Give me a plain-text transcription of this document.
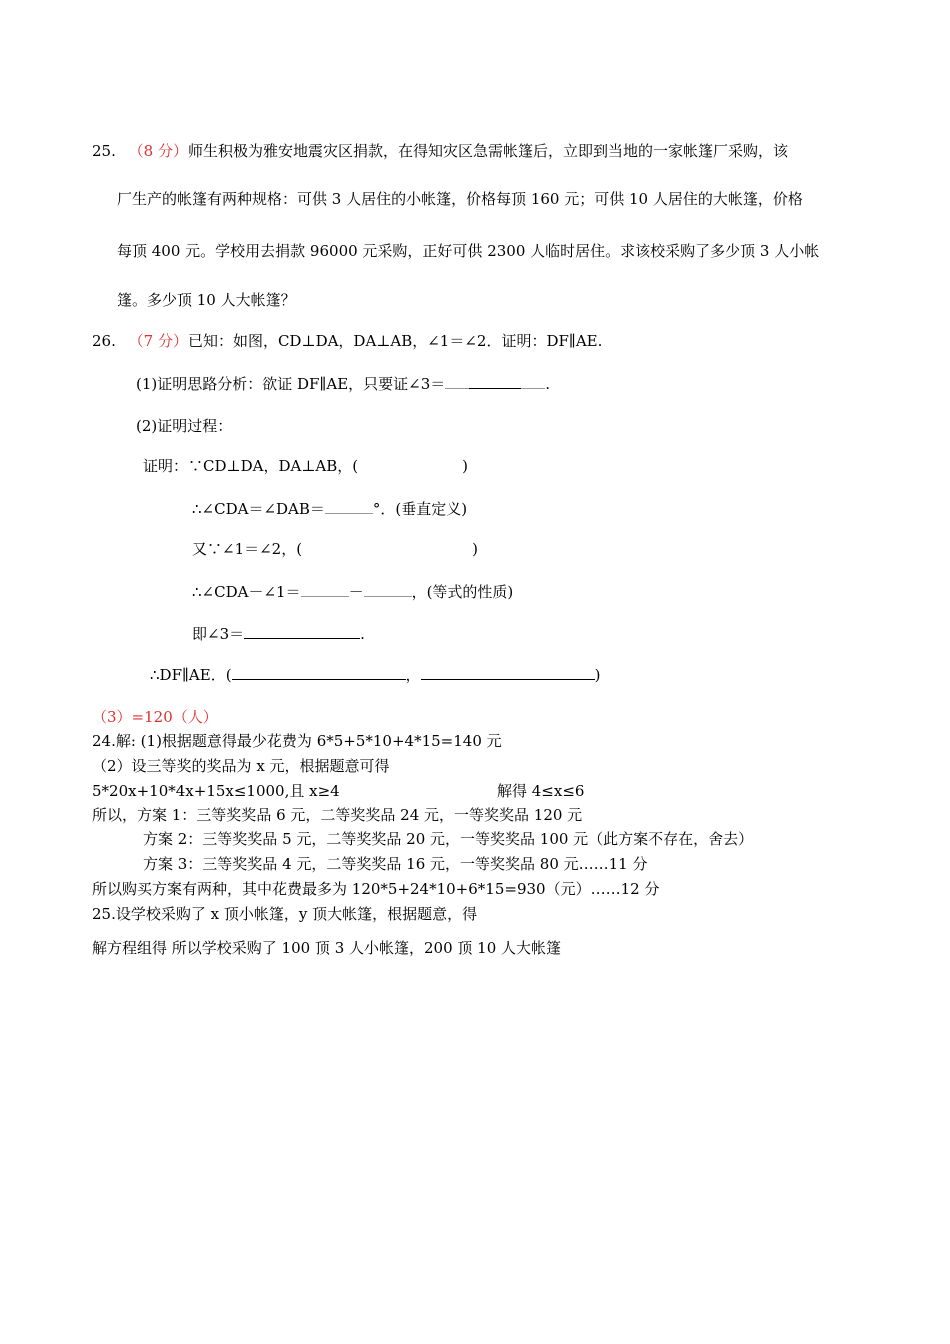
25. （8 分）师生积极为雅安地震灾区捐款，在得知灾区急需帐篷后，立即到当地的一家帐篷厂采购，该
厂生产的帐篷有两种规格：可供 3 人居住的小帐篷，价格每顶 160 元；可供 10 人居住的大帐篷，价格
每顶 400 元。学校用去捐款 96000 元采购，正好可供 2300 人临时居住。求该校采购了多少顶 3 人小帐
篷。多少顶 10 人大帐篷？
26. （7 分）已知：如图，CD⊥DA，DA⊥AB，∠1＝∠2．证明：DF∥AE.
(1)证明思路分析：欲证 DF∥AE，只要证∠3＝	.
(2)证明过程：
证明：∵CD⊥DA，DA⊥AB，(	)
∴∠CDA＝∠DAB＝	°．(垂直定义)
又∵∠1＝∠2，(	)
∴∠CDA－∠1＝	－	，(等式的性质)
即∠3＝	.
∴DF∥AE．(	，	)
（3）=120（人）
24.解: (1)根据题意得最少花费为 6*5+5*10+4*15=140 元
（2）设三等奖的奖品为 x 元，根据题意可得
5*20x+10*4x+15x≤1000,且 x≥4	解得 4≤x≤6
所以，方案 1：三等奖奖品 6 元，二等奖奖品 24 元，一等奖奖品 120 元
方案 2：三等奖奖品 5 元，二等奖奖品 20 元，一等奖奖品 100 元（此方案不存在，舍去）
方案 3：三等奖奖品 4 元，二等奖奖品 16 元，一等奖奖品 80 元……11 分
所以购买方案有两种，其中花费最多为 120*5+24*10+6*15=930（元）……12 分
25.设学校采购了 x 顶小帐篷，y 顶大帐篷，根据题意，得
解方程组得 所以学校采购了 100 顶 3 人小帐篷，200 顶 10 人大帐篷
